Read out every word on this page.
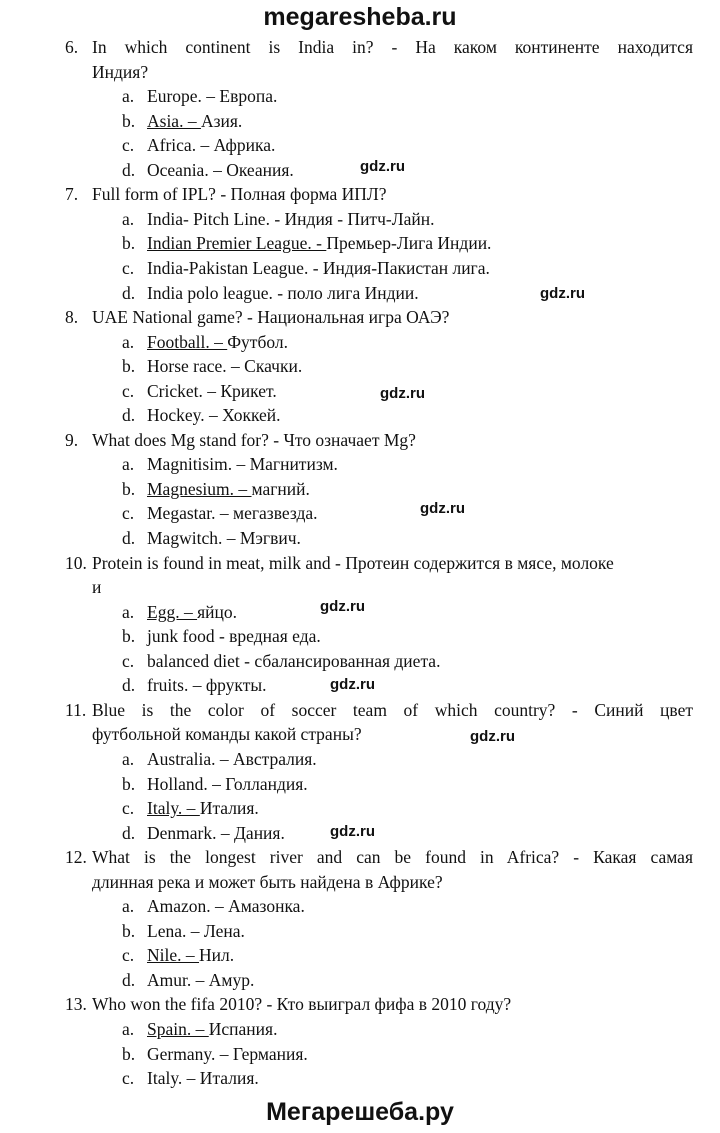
megaresheba.ru
6. In which continent is India in? - На каком континенте находится
Индия?
a. Europe. – Европа.
b. Asia. – Азия.
c. Africa. – Африка.
d. Oceania. – Океания.
7. Full form of IPL? - Полная форма ИПЛ?
a. India- Pitch Line. - Индия - Питч-Лайн.
b. Indian Premier League. - Премьер-Лига Индии.
c. India-Pakistan League. - Индия-Пакистан лига.
d. India polo league. - поло лига Индии.
8. UAE National game? - Национальная игра ОАЭ?
a. Football. – Футбол.
b. Horse race. – Скачки.
c. Cricket. – Крикет.
d. Hockey. – Хоккей.
9. What does Mg stand for? - Что означает Mg?
a. Magnitisim. – Магнитизм.
b. Magnesium. – магний.
c. Megastar. – мегазвезда.
d. Magwitch. – Мэгвич.
10. Protein is found in meat, milk and - Протеин содержится в мясе, молоке
и
a. Egg. – яйцо.
b. junk food - вредная еда.
c. balanced diet - сбалансированная диета.
d. fruits. – фрукты.
11. Blue is the color of soccer team of which country? - Синий цвет
футбольной команды какой страны?
a. Australia. – Австралия.
b. Holland. – Голландия.
c. Italy. – Италия.
d. Denmark. – Дания.
12. What is the longest river and can be found in Africa? - Какая самая
длинная река и может быть найдена в Африке?
a. Amazon. – Амазонка.
b. Lena. – Лена.
c. Nile. – Нил.
d. Amur. – Амур.
13. Who won the fifa 2010? - Кто выиграл фифа в 2010 году?
a. Spain. – Испания.
b. Germany. – Германия.
c. Italy. – Италия.
gdz.ru
gdz.ru
gdz.ru
gdz.ru
gdz.ru
gdz.ru
gdz.ru
gdz.ru
Мегарешеба.ру
